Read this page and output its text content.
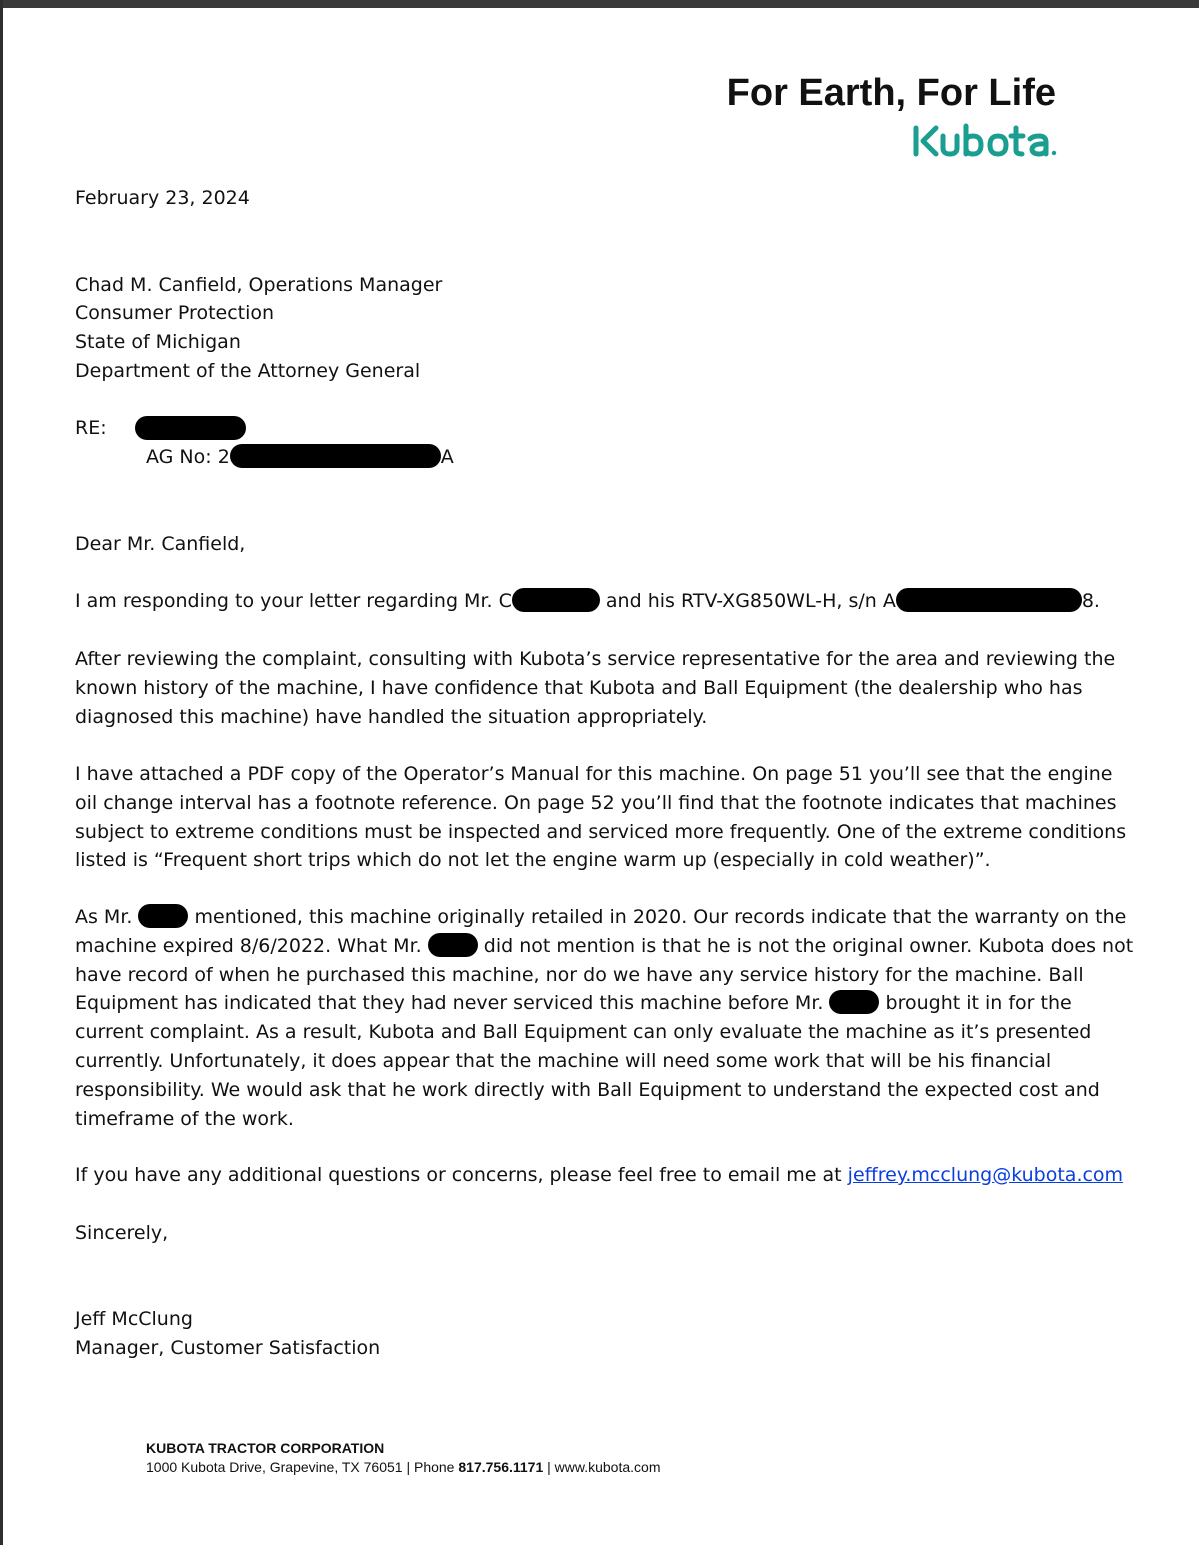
For Earth, For Life
February 23, 2024
Chad M. Canfield, Operations Manager
Consumer Protection
State of Michigan
Department of the Attorney General
RE:
AG No: 2	A
Dear Mr. Canfield,
I am responding to your letter regarding Mr. C	and his RTV-XG850WL-H, s/n A	8.

After reviewing the complaint, consulting with Kubota’s service representative for the area and reviewing the known history of the machine, I have confidence that Kubota and Ball Equipment (the dealership who has diagnosed this machine) have handled the situation appropriately.

I have attached a PDF copy of the Operator’s Manual for this machine. On page 51 you’ll see that the engine oil change interval has a footnote reference. On page 52 you’ll find that the footnote indicates that machines subject to extreme conditions must be inspected and serviced more frequently. One of the extreme conditions listed is “Frequent short trips which do not let the engine warm up (especially in cold weather)”.

As Mr.	mentioned, this machine originally retailed in 2020. Our records indicate that the warranty on the machine expired 8/6/2022. What Mr.	did not mention is that he is not the original owner. Kubota does not have record of when he purchased this machine, nor do we have any service history for the machine. Ball Equipment has indicated that they had never serviced this machine before Mr.	brought it in for the current complaint. As a result, Kubota and Ball Equipment can only evaluate the machine as it’s presented currently. Unfortunately, it does appear that the machine will need some work that will be his financial responsibility. We would ask that he work directly with Ball Equipment to understand the expected cost and timeframe of the work.

If you have any additional questions or concerns, please feel free to email me at jeffrey.mcclung@kubota.com
Sincerely,
Jeff McClung
Manager, Customer Satisfaction
KUBOTA TRACTOR CORPORATION
1000 Kubota Drive, Grapevine, TX 76051 | Phone 817.756.1171 | www.kubota.com
